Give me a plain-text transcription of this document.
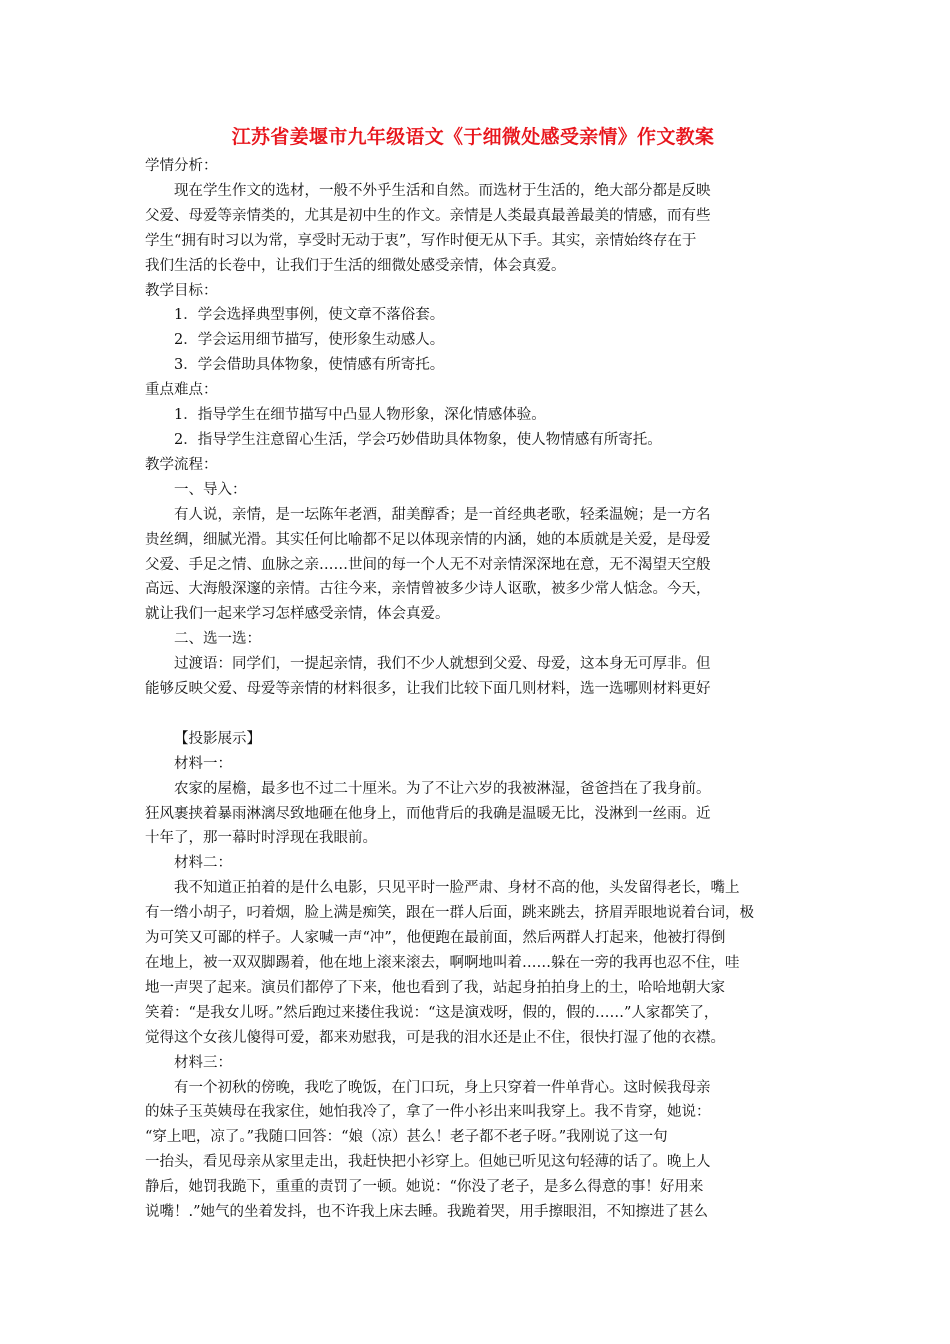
江苏省姜堰市九年级语文《于细微处感受亲情》作文教案

学情分析：

现在学生作文的选材，一般不外乎生活和自然。而选材于生活的，绝大部分都是反映

父爱、母爱等亲情类的，尤其是初中生的作文。亲情是人类最真最善最美的情感，而有些

学生“拥有时习以为常，享受时无动于衷”，写作时便无从下手。其实，亲情始终存在于

我们生活的长卷中，让我们于生活的细微处感受亲情，体会真爱。

教学目标：

1．学会选择典型事例，使文章不落俗套。

2．学会运用细节描写，使形象生动感人。

3．学会借助具体物象，使情感有所寄托。

重点难点：

1．指导学生在细节描写中凸显人物形象，深化情感体验。

2．指导学生注意留心生活，学会巧妙借助具体物象，使人物情感有所寄托。

教学流程：

一、导入：

有人说，亲情，是一坛陈年老酒，甜美醇香；是一首经典老歌，轻柔温婉；是一方名

贵丝绸，细腻光滑。其实任何比喻都不足以体现亲情的内涵，她的本质就是关爱，是母爱

父爱、手足之情、血脉之亲……世间的每一个人无不对亲情深深地在意，无不渴望天空般

高远、大海般深邃的亲情。古往今来，亲情曾被多少诗人讴歌，被多少常人惦念。今天，

就让我们一起来学习怎样感受亲情，体会真爱。

二、选一选：

过渡语：同学们，一提起亲情，我们不少人就想到父爱、母爱，这本身无可厚非。但

能够反映父爱、母爱等亲情的材料很多，让我们比较下面几则材料，选一选哪则材料更好

【投影展示】

材料一：

农家的屋檐，最多也不过二十厘米。为了不让六岁的我被淋湿，爸爸挡在了我身前。

狂风裹挟着暴雨淋漓尽致地砸在他身上，而他背后的我确是温暖无比，没淋到一丝雨。近

十年了，那一幕时时浮现在我眼前。

材料二：

我不知道正拍着的是什么电影，只见平时一脸严肃、身材不高的他，头发留得老长，嘴上

有一绺小胡子，叼着烟，脸上满是痴笑，跟在一群人后面，跳来跳去，挤眉弄眼地说着台词，极

为可笑又可鄙的样子。人家喊一声“冲”，他便跑在最前面，然后两群人打起来，他被打得倒

在地上，被一双双脚踢着，他在地上滚来滚去，啊啊地叫着……躲在一旁的我再也忍不住，哇

地一声哭了起来。演员们都停了下来，他也看到了我，站起身拍拍身上的土，哈哈地朝大家

笑着：“是我女儿呀。”然后跑过来搂住我说：“这是演戏呀，假的，假的……”人家都笑了，

觉得这个女孩儿傻得可爱，都来劝慰我，可是我的泪水还是止不住，很快打湿了他的衣襟。

材料三：

有一个初秋的傍晚，我吃了晚饭，在门口玩，身上只穿着一件单背心。这时候我母亲

的妹子玉英姨母在我家住，她怕我冷了，拿了一件小衫出来叫我穿上。我不肯穿，她说：

“穿上吧，凉了。”我随口回答：“娘（凉）甚么！老子都不老子呀。”我刚说了这一句

一抬头，看见母亲从家里走出，我赶快把小衫穿上。但她已听见这句轻薄的话了。晚上人

静后，她罚我跪下，重重的责罚了一顿。她说：“你没了老子，是多么得意的事！好用来

说嘴！.”她气的坐着发抖，也不许我上床去睡。我跪着哭，用手擦眼泪，不知擦进了甚么
